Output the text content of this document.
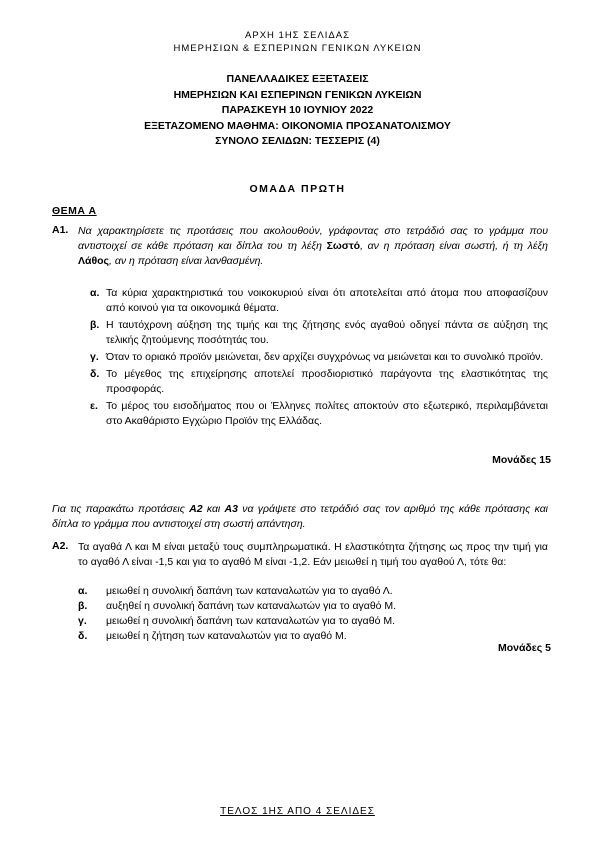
ΑΡΧΗ 1ΗΣ ΣΕΛΙΔΑΣ
ΗΜΕΡΗΣΙΩΝ & ΕΣΠΕΡΙΝΩΝ ΓΕΝΙΚΩΝ ΛΥΚΕΙΩΝ
ΠΑΝΕΛΛΑΔΙΚΕΣ ΕΞΕΤΑΣΕΙΣ
ΗΜΕΡΗΣΙΩΝ ΚΑΙ ΕΣΠΕΡΙΝΩΝ ΓΕΝΙΚΩΝ ΛΥΚΕΙΩΝ
ΠΑΡΑΣΚΕΥΗ 10 ΙΟΥΝΙΟΥ 2022
ΕΞΕΤΑΖΟΜΕΝΟ ΜΑΘΗΜΑ: ΟΙΚΟΝΟΜΙΑ ΠΡΟΣΑΝΑΤΟΛΙΣΜΟΥ
ΣΥΝΟΛΟ ΣΕΛΙΔΩΝ: ΤΕΣΣΕΡΙΣ (4)
ΟΜΑΔΑ ΠΡΩΤΗ
ΘΕΜΑ Α
Α1. Να χαρακτηρίσετε τις προτάσεις που ακολουθούν, γράφοντας στο τετράδιό σας το γράμμα που αντιστοιχεί σε κάθε πρόταση και δίπλα του τη λέξη Σωστό, αν η πρόταση είναι σωστή, ή τη λέξη Λάθος, αν η πρόταση είναι λανθασμένη.
α. Τα κύρια χαρακτηριστικά του νοικοκυριού είναι ότι αποτελείται από άτομα που αποφασίζουν από κοινού για τα οικονομικά θέματα.
β. Η ταυτόχρονη αύξηση της τιμής και της ζήτησης ενός αγαθού οδηγεί πάντα σε αύξηση της τελικής ζητούμενης ποσότητάς του.
γ. Όταν το οριακό προϊόν μειώνεται, δεν αρχίζει συγχρόνως να μειώνεται και το συνολικό προϊόν.
δ. Το μέγεθος της επιχείρησης αποτελεί προσδιοριστικό παράγοντα της ελαστικότητας της προσφοράς.
ε. Το μέρος του εισοδήματος που οι Έλληνες πολίτες αποκτούν στο εξωτερικό, περιλαμβάνεται στο Ακαθάριστο Εγχώριο Προϊόν της Ελλάδας.
Μονάδες 15
Για τις παρακάτω προτάσεις Α2 και Α3 να γράψετε στο τετράδιό σας τον αριθμό της κάθε πρότασης και δίπλα το γράμμα που αντιστοιχεί στη σωστή απάντηση.
Α2. Τα αγαθά Λ και Μ είναι μεταξύ τους συμπληρωματικά. Η ελαστικότητα ζήτησης ως προς την τιμή για το αγαθό Λ είναι -1,5 και για το αγαθό Μ είναι -1,2. Εάν μειωθεί η τιμή του αγαθού Λ, τότε θα:
α.	μειωθεί η συνολική δαπάνη των καταναλωτών για το αγαθό Λ.
β.	αυξηθεί η συνολική δαπάνη των καταναλωτών για το αγαθό Μ.
γ.	μειωθεί η συνολική δαπάνη των καταναλωτών για το αγαθό Μ.
δ.	μειωθεί η ζήτηση των καταναλωτών για το αγαθό Μ.
Μονάδες 5
ΤΕΛΟΣ 1ΗΣ ΑΠΟ 4 ΣΕΛΙΔΕΣ
